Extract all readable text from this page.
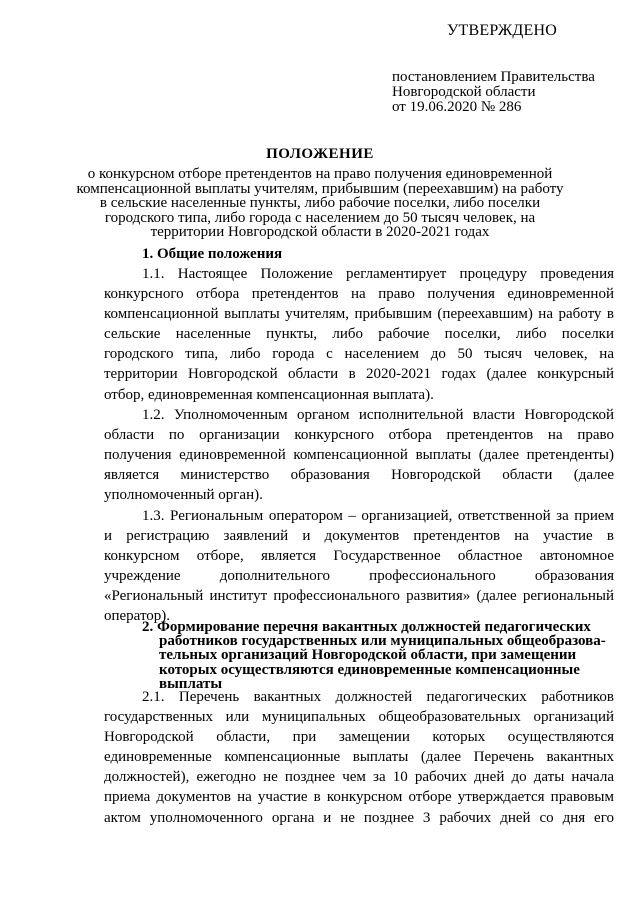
УТВЕРЖДЕНО
постановлением Правительства
Новгородской области
от 19.06.2020 № 286
ПОЛОЖЕНИЕ
о конкурсном отборе претендентов на право получения единовременной
компенсационной выплаты учителям, прибывшим (переехавшим) на работу
в сельские населенные пункты, либо рабочие поселки, либо поселки
городского типа, либо города с населением до 50 тысяч человек, на
территории Новгородской области в 2020-2021 годах
1. Общие положения
1.1. Настоящее Положение регламентирует процедуру проведения
конкурсного отбора претендентов на право получения единовременной
компенсационной выплаты учителям, прибывшим (переехавшим) на работу в
сельские населенные пункты, либо рабочие поселки, либо поселки
городского типа, либо города с населением до 50 тысяч человек, на
территории Новгородской области в 2020-2021 годах (далее конкурсный
отбор, единовременная компенсационная выплата).
1.2. Уполномоченным органом исполнительной власти Новгородской
области по организации конкурсного отбора претендентов на право
получения единовременной компенсационной выплаты (далее претенденты)
является министерство образования Новгородской области (далее
уполномоченный орган).
1.3. Региональным оператором – организацией, ответственной за прием
и регистрацию заявлений и документов претендентов на участие в
конкурсном отборе, является Государственное областное автономное
учреждение дополнительного профессионального образования
«Региональный институт профессионального развития» (далее региональный
оператор).
2. Формирование перечня вакантных должностей педагогических
работников государственных или муниципальных общеобразова-
тельных организаций Новгородской области, при замещении
которых осуществляются единовременные компенсационные
выплаты
2.1. Перечень вакантных должностей педагогических работников
государственных или муниципальных общеобразовательных организаций
Новгородской области, при замещении которых осуществляются
единовременные компенсационные выплаты (далее Перечень вакантных
должностей), ежегодно не позднее чем за 10 рабочих дней до даты начала
приема документов на участие в конкурсном отборе утверждается правовым
актом уполномоченного органа и не позднее 3 рабочих дней со дня его
